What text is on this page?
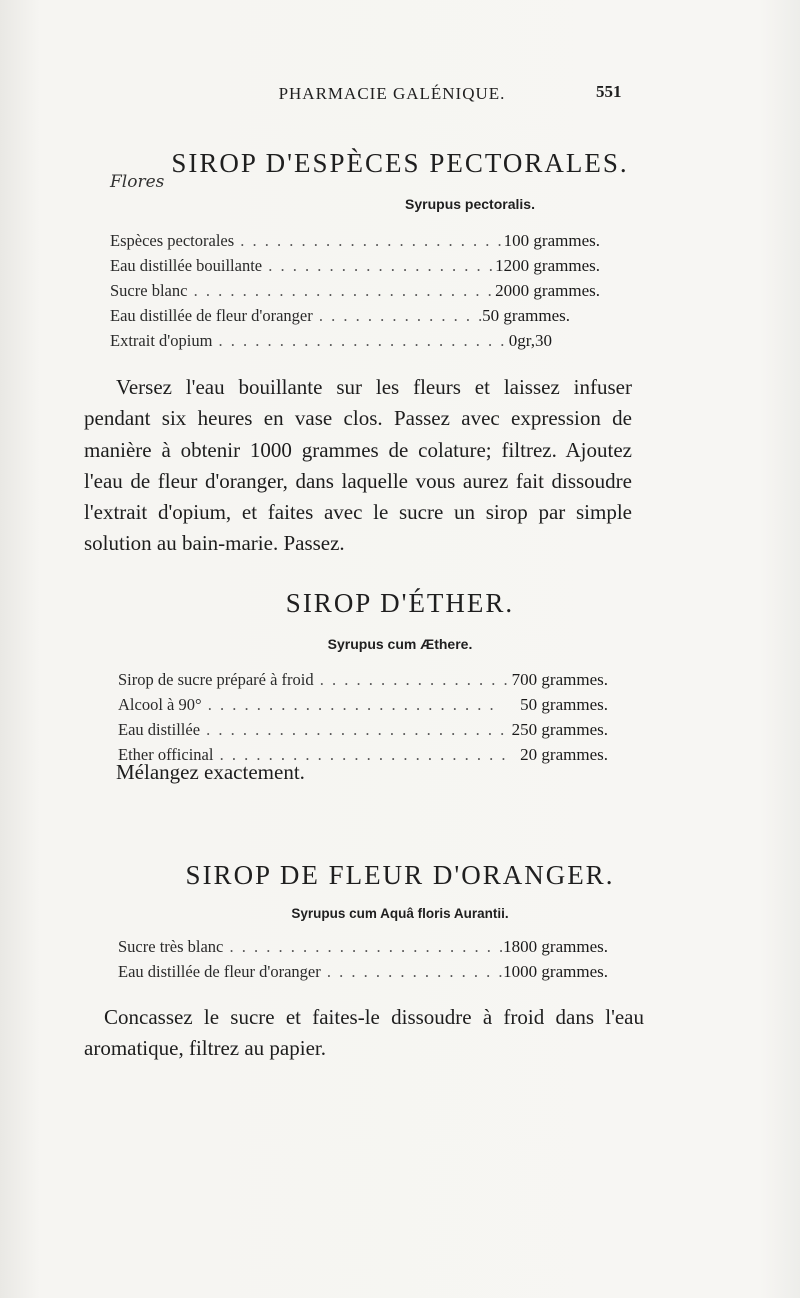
PHARMACIE GALÉNIQUE.	551
SIROP D'ESPÈCES PECTORALES.
Flores
Syrupus pectoralis.
Espèces pectorales . . .	100 grammes.
Eau distillée bouillante . . .	1200 grammes.
Sucre blanc . . .	2000 grammes.
Eau distillée de fleur d'oranger . . .	50 grammes.
Extrait d'opium . . .	0gr,30
Versez l'eau bouillante sur les fleurs et laissez infuser pendant six heures en vase clos. Passez avec expression de manière à obtenir 1000 grammes de colature; filtrez. Ajoutez l'eau de fleur d'oranger, dans laquelle vous aurez fait dissoudre l'extrait d'opium, et faites avec le sucre un sirop par simple solution au bain-marie. Passez.
SIROP D'ÉTHER.
Syrupus cum Æthere.
Sirop de sucre préparé à froid . . .	700 grammes.
Alcool à 90° . . .	50 grammes.
Eau distillée . . .	250 grammes.
Ether officinal . . .	20 grammes.
Mélangez exactement.
SIROP DE FLEUR D'ORANGER.
Syrupus cum Aquâ floris Aurantii.
Sucre très blanc . . .	1800 grammes.
Eau distillée de fleur d'oranger . . .	1000 grammes.
Concassez le sucre et faites-le dissoudre à froid dans l'eau aromatique, filtrez au papier.
